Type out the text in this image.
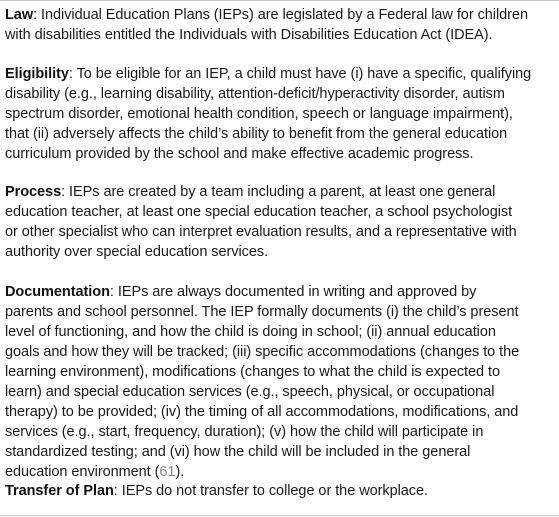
Law: Individual Education Plans (IEPs) are legislated by a Federal law for children
with disabilities entitled the Individuals with Disabilities Education Act (IDEA).
Eligibility: To be eligible for an IEP, a child must have (i) have a specific, qualifying
disability (e.g., learning disability, attention-deficit/hyperactivity disorder, autism
spectrum disorder, emotional health condition, speech or language impairment),
that (ii) adversely affects the child’s ability to benefit from the general education
curriculum provided by the school and make effective academic progress.
Process: IEPs are created by a team including a parent, at least one general
education teacher, at least one special education teacher, a school psychologist
or other specialist who can interpret evaluation results, and a representative with
authority over special education services.
Documentation: IEPs are always documented in writing and approved by
parents and school personnel. The IEP formally documents (i) the child’s present
level of functioning, and how the child is doing in school; (ii) annual education
goals and how they will be tracked; (iii) specific accommodations (changes to the
learning environment), modifications (changes to what the child is expected to
learn) and special education services (e.g., speech, physical, or occupational
therapy) to be provided; (iv) the timing of all accommodations, modifications, and
services (e.g., start, frequency, duration); (v) how the child will participate in
standardized testing; and (vi) how the child will be included in the general
education environment (61).
Transfer of Plan: IEPs do not transfer to college or the workplace.
